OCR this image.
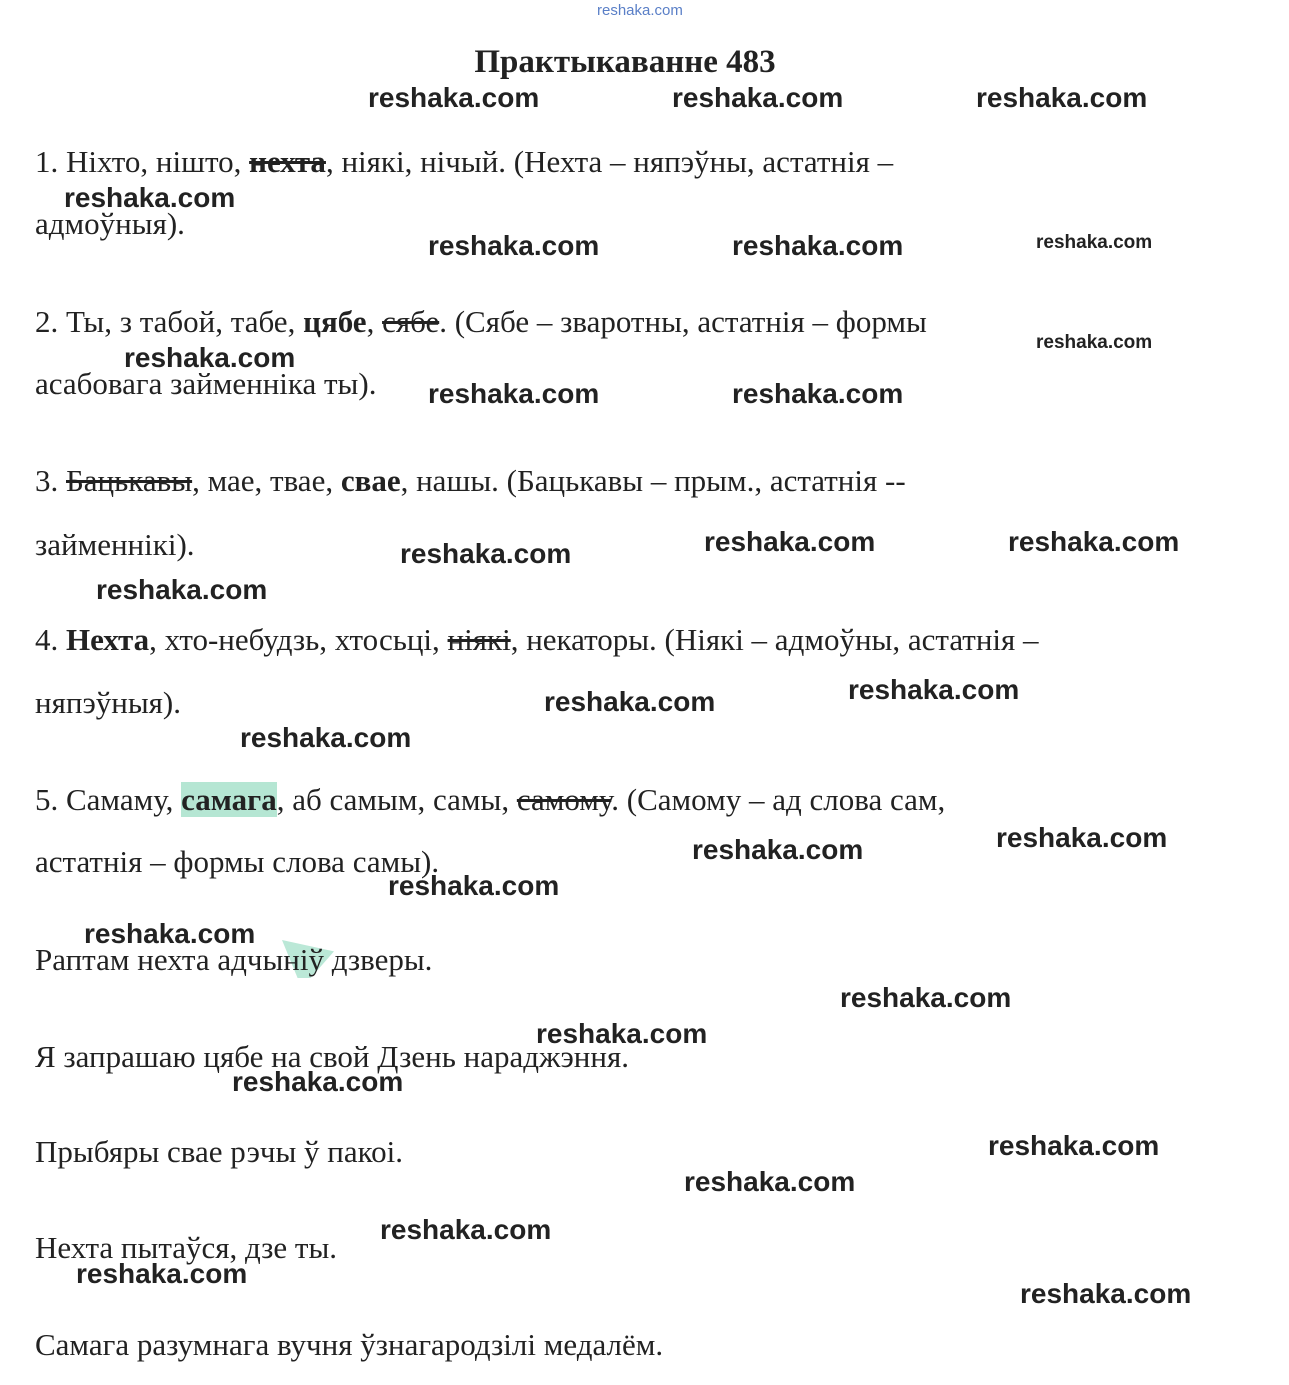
reshaka.com
Практыкаванне 483
1. Ніхто, нішто, нехта, ніякі, нічый. (Нехта – няпэўны, астатнія –
адмоўныя).
2. Ты, з табой, табе, цябе, сябе. (Сябе – зваротны, астатнія – формы
асабовага займенніка ты).
3. Бацькавы, мае, твае, свае, нашы. (Бацькавы – прым., астатнія --
займеннікі).
4. Нехта, хто-небудзь, хтосьці, ніякі, некаторы. (Ніякі – адмоўны, астатнія –
няпэўныя).
5. Самаму, самага, аб самым, самы, самому. (Самому – ад слова сам,
астатнія – формы слова самы).
Раптам нехта адчыніў дзверы.
Я запрашаю цябе на свой Дзень нараджэння.
Прыбяры свае рэчы ў пакоі.
Нехта пытаўся, дзе ты.
Самага разумнага вучня ўзнагародзілі медалём.
reshaka.com	reshaka.com	reshaka.com
reshaka.com
reshaka.com	reshaka.com	reshaka.com
reshaka.com
reshaka.com
reshaka.com	reshaka.com
reshaka.com	reshaka.com
reshaka.com
reshaka.com
reshaka.com
reshaka.com
reshaka.com
reshaka.com
reshaka.com
reshaka.com
reshaka.com
reshaka.com
reshaka.com
reshaka.com
reshaka.com
reshaka.com
reshaka.com
reshaka.com
reshaka.com
